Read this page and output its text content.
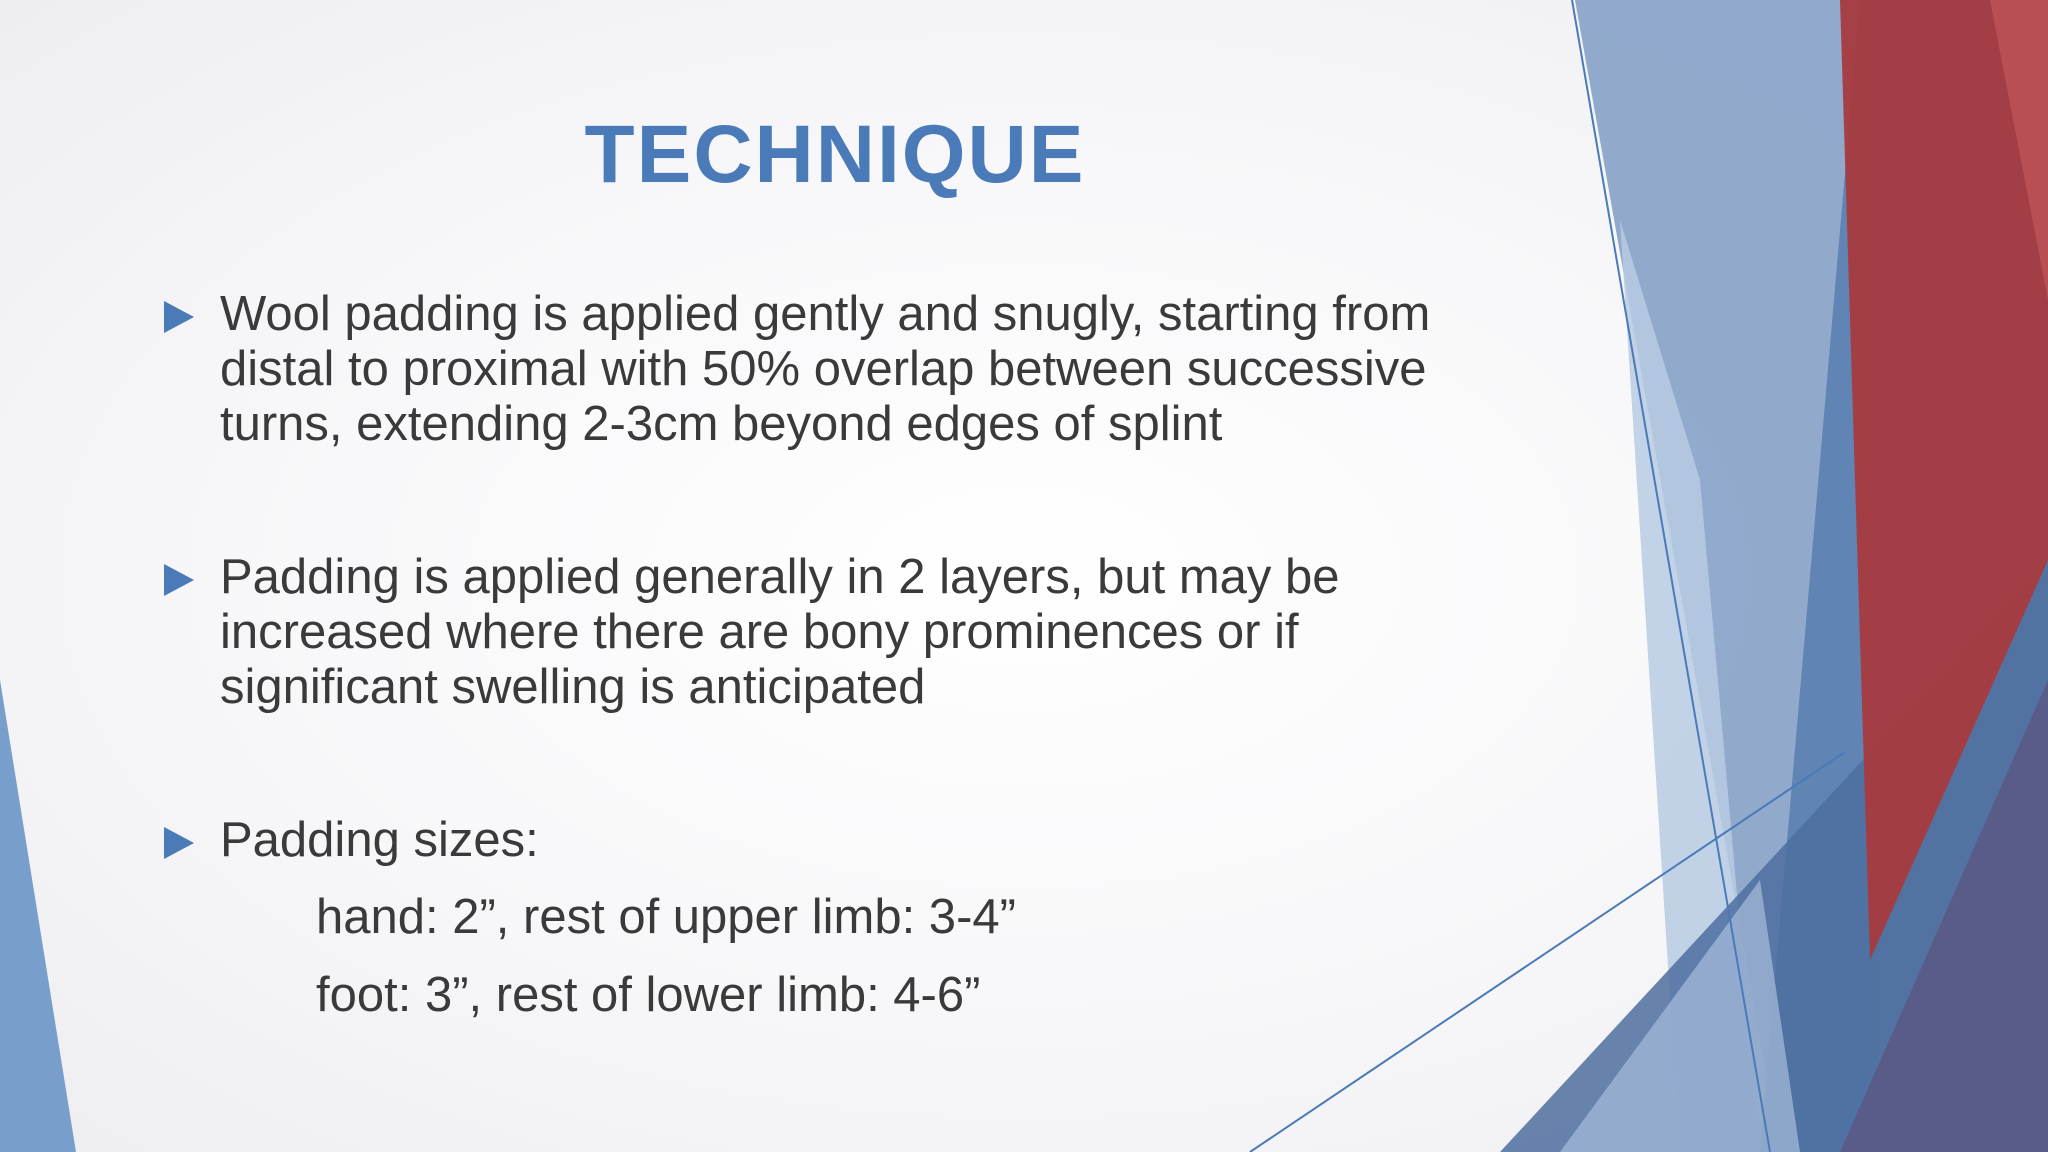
TECHNIQUE
Wool padding is applied gently and snugly, starting from
distal to proximal with 50% overlap between successive
turns, extending 2-3cm beyond edges of splint
Padding is applied generally in 2 layers, but may be
increased where there are bony prominences or if
significant swelling is anticipated
Padding sizes:
hand: 2”, rest of upper limb: 3-4”
foot: 3”, rest of lower limb: 4-6”
